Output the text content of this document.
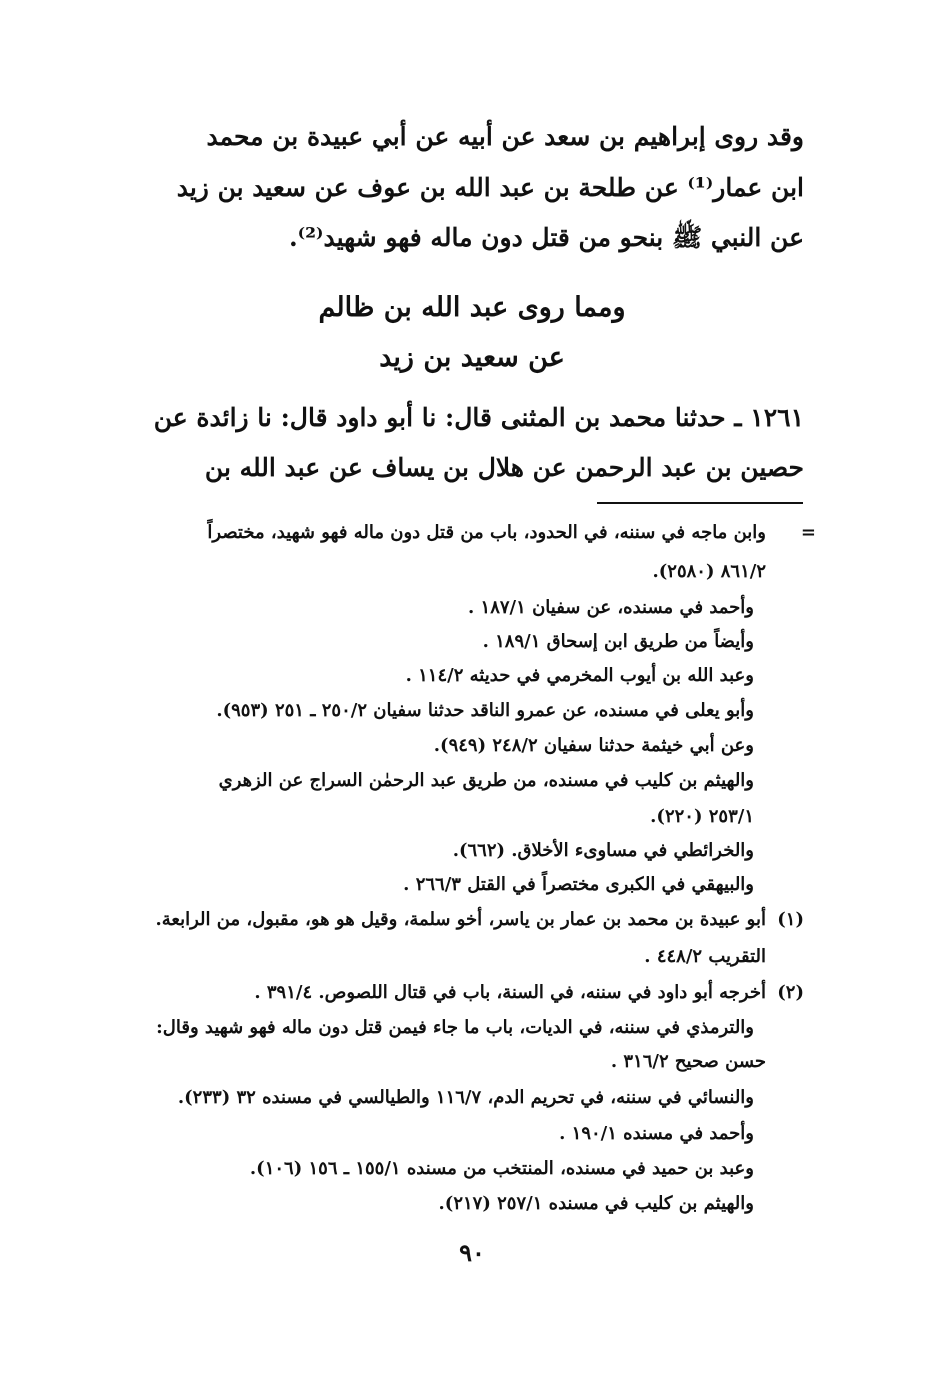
وقد روى إبراهيم بن سعد عن أبيه عن أبي عبيدة بن محمد
ابن عمار⁽¹⁾ عن طلحة بن عبد الله بن عوف عن سعيد بن زيد
عن النبي ﷺ بنحو من قتل دون ماله فهو شهيد⁽²⁾.
ومما روى عبد الله بن ظالم
عن سعيد بن زيد
١٢٦١ ـ حدثنا محمد بن المثنى قال: نا أبو داود قال: نا زائدة عن
حصين بن عبد الرحمن عن هلال بن يساف عن عبد الله بن
=
وابن ماجه في سننه، في الحدود، باب من قتل دون ماله فهو شهيد، مختصراً
٨٦١/٢ (٢٥٨٠).
وأحمد في مسنده، عن سفيان ١٨٧/١ .
وأيضاً من طريق ابن إسحاق ١٨٩/١ .
وعبد الله بن أيوب المخرمي في حديثه ١١٤/٢ .
وأبو يعلى في مسنده، عن عمرو الناقد حدثنا سفيان ٢٥٠/٢ ـ ٢٥١ (٩٥٣).
وعن أبي خيثمة حدثنا سفيان ٢٤٨/٢ (٩٤٩).
والهيثم بن كليب في مسنده، من طريق عبد الرحمٰن السراج عن الزهري
٢٥٣/١ (٢٢٠).
والخرائطي في مساوىء الأخلاق. (٦٦٢).
والبيهقي في الكبرى مختصراً في القتل ٢٦٦/٣ .
(١)
أبو عبيدة بن محمد بن عمار بن ياسر، أخو سلمة، وقيل هو هو، مقبول، من الرابعة.
التقريب ٤٤٨/٢ .
(٢)
أخرجه أبو داود في سننه، في السنة، باب في قتال اللصوص. ٣٩١/٤ .
والترمذي في سننه، في الديات، باب ما جاء فيمن قتل دون ماله فهو شهيد وقال:
حسن صحيح ٣١٦/٢ .
والنسائي في سننه، في تحريم الدم، ١١٦/٧ والطيالسي في مسنده ٣٢ (٢٣٣).
وأحمد في مسنده ١٩٠/١ .
وعبد بن حميد في مسنده، المنتخب من مسنده ١٥٥/١ ـ ١٥٦ (١٠٦).
والهيثم بن كليب في مسنده ٢٥٧/١ (٢١٧).
٩٠
